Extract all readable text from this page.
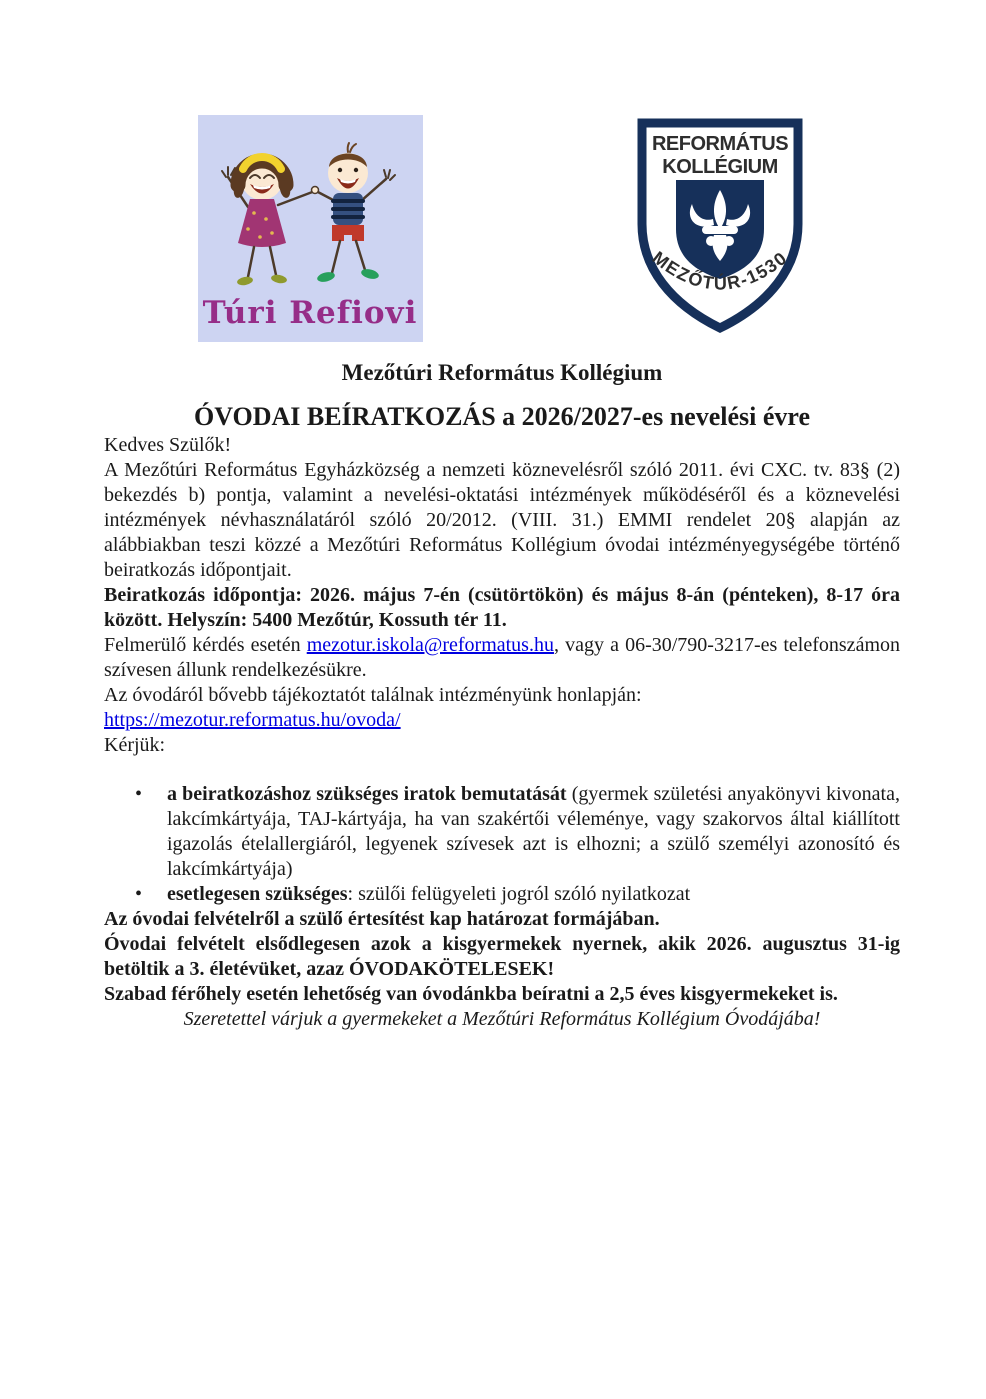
Túri Refiovi
REFORMÁTUS
KOLLÉGIUM
MEZŐTÚR-1530
Mezőtúri Református Kollégium
ÓVODAI BEÍRATKOZÁS a 2026/2027-es nevelési évre

Kedves Szülők!

A Mezőtúri Református Egyházközség a nemzeti köznevelésről szóló 2011. évi CXC. tv. 83§ (2) bekezdés b) pontja, valamint a nevelési-oktatási intézmények működéséről és a köznevelési intézmények névhasználatáról szóló 20/2012. (VIII. 31.) EMMI rendelet 20§ alapján az alábbiakban teszi közzé a Mezőtúri Református Kollégium óvodai intézményegységébe történő beiratkozás időpontjait.

Beiratkozás időpontja: 2026. május 7-én (csütörtökön) és május 8-án (pénteken), 8-17 óra között. Helyszín: 5400 Mezőtúr, Kossuth tér 11.

Felmerülő kérdés esetén mezotur.iskola@reformatus.hu, vagy a 06-30/790-3217-es telefonszámon szívesen állunk rendelkezésükre.

Az óvodáról bővebb tájékoztatót találnak intézményünk honlapján:

https://mezotur.reformatus.hu/ovoda/

Kérjük:

• a beiratkozáshoz szükséges iratok bemutatását (gyermek születési anyakönyvi kivonata, lakcímkártyája, TAJ-kártyája, ha van szakértői véleménye, vagy szakorvos által kiállított igazolás ételallergiáról, legyenek szívesek azt is elhozni; a szülő személyi azonosító és lakcímkártyája)
• esetlegesen szükséges: szülői felügyeleti jogról szóló nyilatkozat

Az óvodai felvételről a szülő értesítést kap határozat formájában.

Óvodai felvételt elsődlegesen azok a kisgyermekek nyernek, akik 2026. augusztus 31-ig betöltik a 3. életévüket, azaz ÓVODAKÖTELESEK!

Szabad férőhely esetén lehetőség van óvodánkba beíratni a 2,5 éves kisgyermekeket is.

Szeretettel várjuk a gyermekeket a Mezőtúri Református Kollégium Óvodájába!
